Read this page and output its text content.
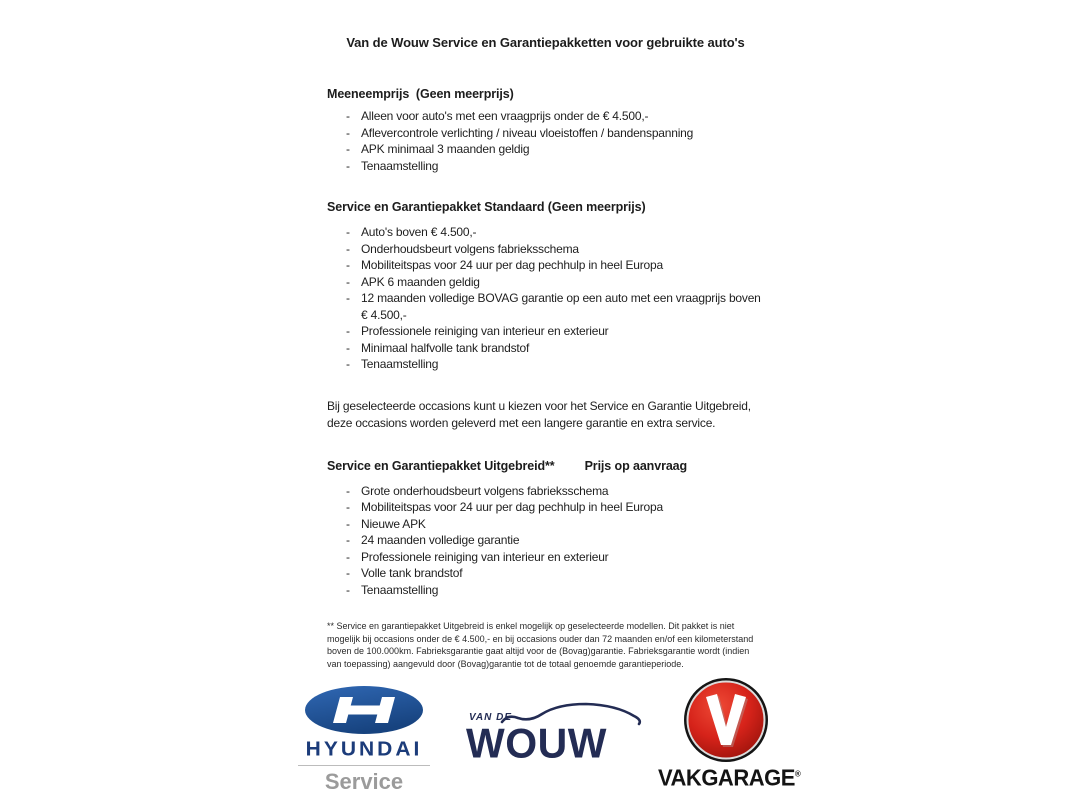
Van de Wouw Service en Garantiepakketten voor gebruikte auto's
Meeneemprijs  (Geen meerprijs)
- Alleen voor auto's met een vraagprijs onder de € 4.500,-
- Aflevercontrole verlichting / niveau vloeistoffen / bandenspanning
- APK minimaal 3 maanden geldig
- Tenaamstelling
Service en Garantiepakket Standaard (Geen meerprijs)
- Auto's boven € 4.500,-
- Onderhoudsbeurt volgens fabrieksschema
- Mobiliteitspas voor 24 uur per dag pechhulp in heel Europa
- APK 6 maanden geldig
- 12 maanden volledige BOVAG garantie op een auto met een vraagprijs boven € 4.500,-
- Professionele reiniging van interieur en exterieur
- Minimaal halfvolle tank brandstof
- Tenaamstelling
Bij geselecteerde occasions kunt u kiezen voor het Service en Garantie Uitgebreid, deze occasions worden geleverd met een langere garantie en extra service.
Service en Garantiepakket Uitgebreid** Prijs op aanvraag
- Grote onderhoudsbeurt volgens fabrieksschema
- Mobiliteitspas voor 24 uur per dag pechhulp in heel Europa
- Nieuwe APK
- 24 maanden volledige garantie
- Professionele reiniging van interieur en exterieur
- Volle tank brandstof
- Tenaamstelling
** Service en garantiepakket Uitgebreid is enkel mogelijk op geselecteerde modellen. Dit pakket is niet mogelijk bij occasions onder de € 4.500,- en bij occasions ouder dan 72 maanden en/of een kilometerstand boven de 100.000km. Fabrieksgarantie gaat altijd voor de (Bovag)garantie. Fabrieksgarantie wordt (indien van toepassing) aangevuld door (Bovag)garantie tot de totaal genoemde garantieperiode.
HYUNDAI
Service
VAN DE
WOUW
VAKGARAGE®
